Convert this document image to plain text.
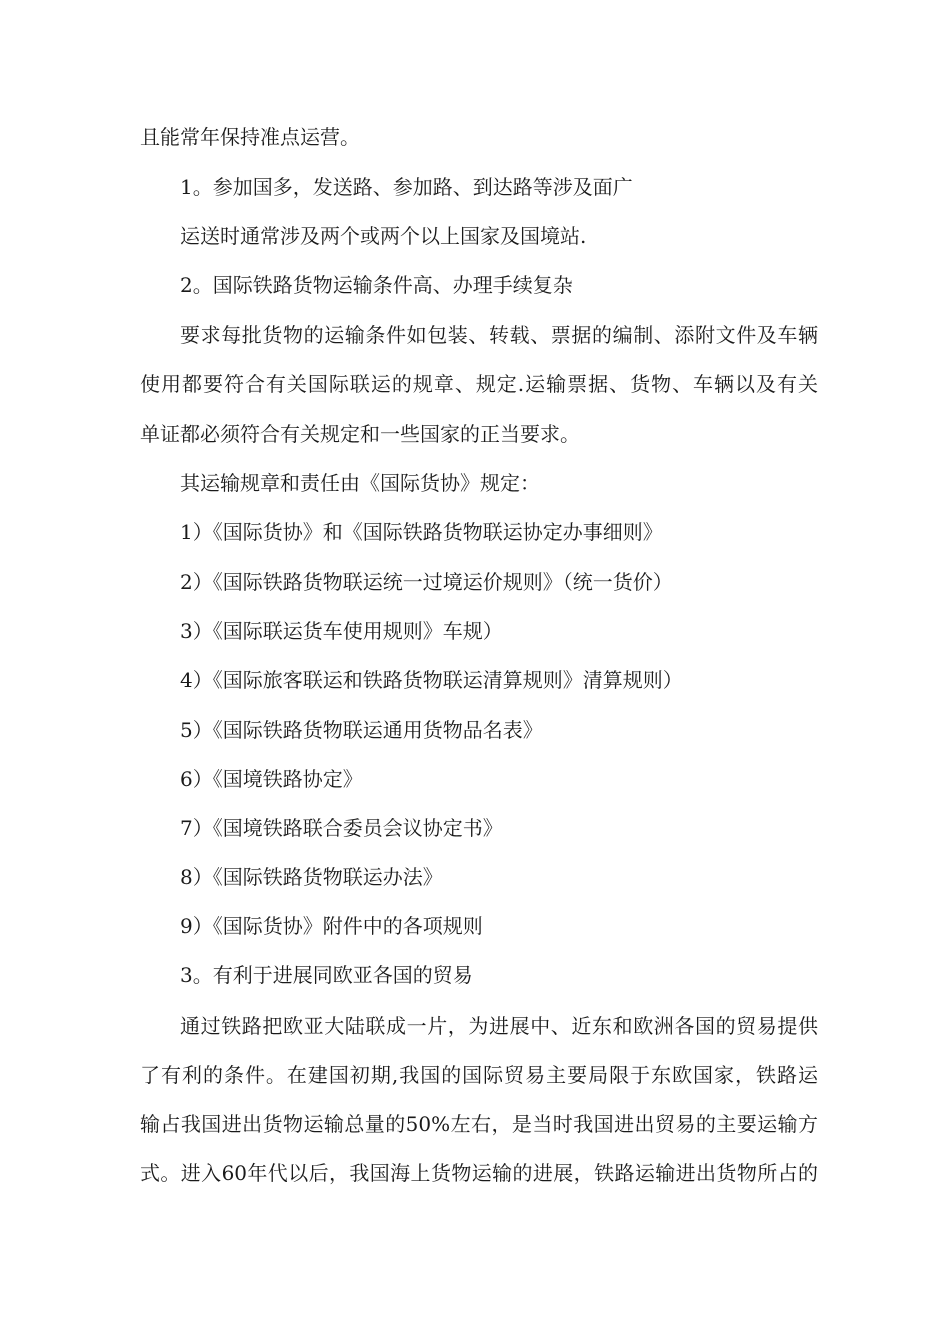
且能常年保持准点运营。
1。参加国多，发送路、参加路、到达路等涉及面广
运送时通常涉及两个或两个以上国家及国境站.
2。国际铁路货物运输条件高、办理手续复杂
要求每批货物的运输条件如包装、转载、票据的编制、添附文件及车辆
使用都要符合有关国际联运的规章、规定.运输票据、货物、车辆以及有关
单证都必须符合有关规定和一些国家的正当要求。
其运输规章和责任由《国际货协》规定：
1）《国际货协》和《国际铁路货物联运协定办事细则》
2）《国际铁路货物联运统一过境运价规则》（统一货价）
3）《国际联运货车使用规则》车规）
4）《国际旅客联运和铁路货物联运清算规则》清算规则）
5）《国际铁路货物联运通用货物品名表》
6）《国境铁路协定》
7）《国境铁路联合委员会议协定书》
8）《国际铁路货物联运办法》
9）《国际货协》附件中的各项规则
3。有利于进展同欧亚各国的贸易
通过铁路把欧亚大陆联成一片，为进展中、近东和欧洲各国的贸易提供
了有利的条件。在建国初期,我国的国际贸易主要局限于东欧国家，铁路运
输占我国进出货物运输总量的50%左右，是当时我国进出贸易的主要运输方
式。进入60年代以后，我国海上货物运输的进展，铁路运输进出货物所占的
